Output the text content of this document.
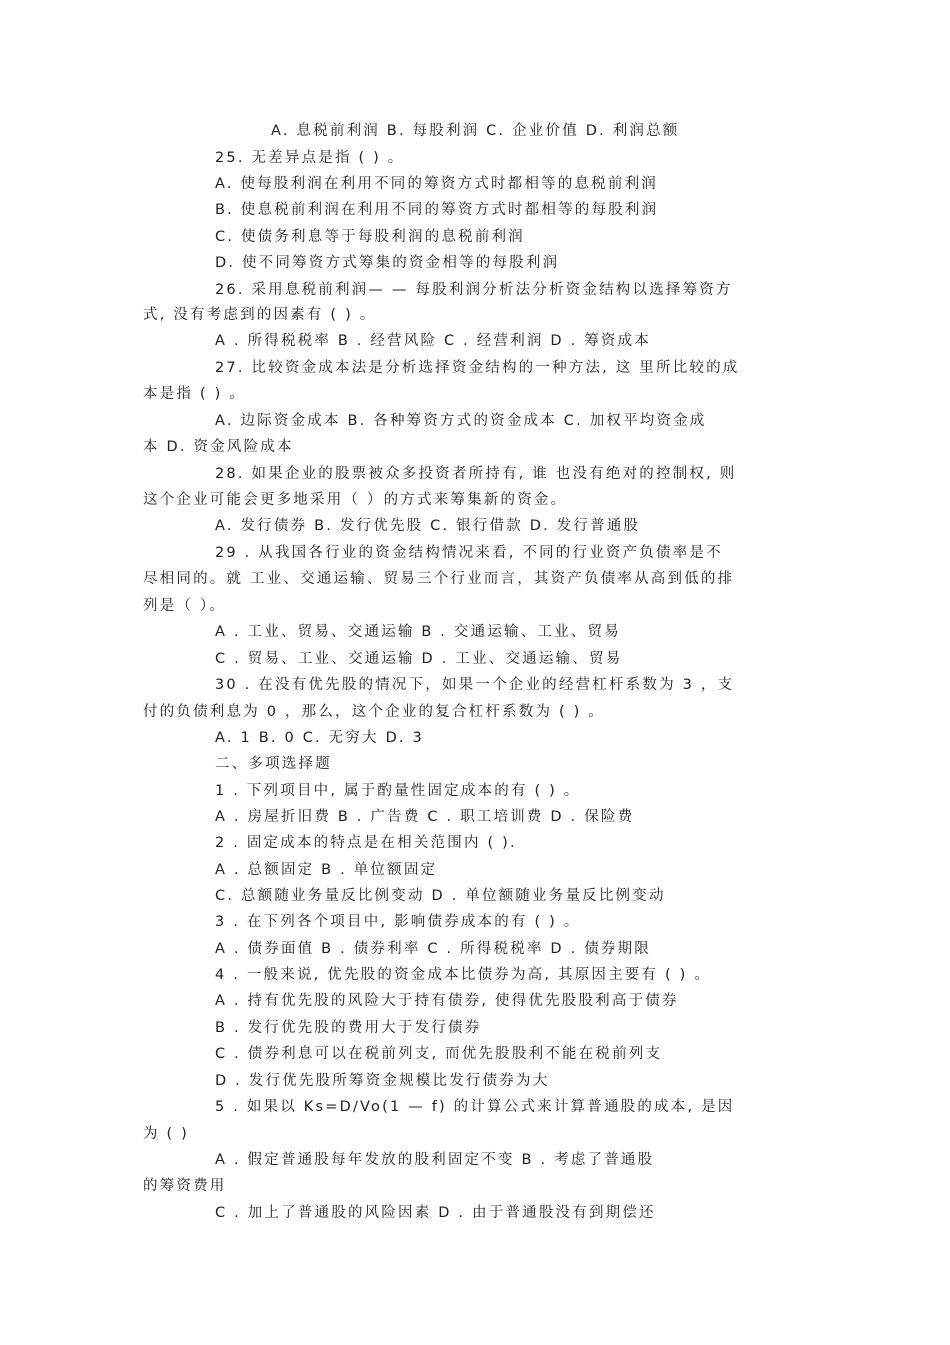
A. 息税前利润 B. 每股利润 C. 企业价值 D. 利润总额
25. 无差异点是指 ( ) 。
A. 使每股利润在利用不同的筹资方式时都相等的息税前利润
B. 使息税前利润在利用不同的筹资方式时都相等的每股利润
C. 使债务利息等于每股利润的息税前利润
D. 使不同筹资方式筹集的资金相等的每股利润
26. 采用息税前利润— — 每股利润分析法分析资金结构以选择筹资方
式, 没有考虑到的因素有 ( ) 。
A . 所得税税率 B . 经营风险 C . 经营利润 D . 筹资成本
27. 比较资金成本法是分析选择资金结构的一种方法, 这 里所比较的成
本是指 ( ) 。
A. 边际资金成本 B. 各种筹资方式的资金成本 C. 加权平均资金成
本 D. 资金风险成本
28. 如果企业的股票被众多投资者所持有, 谁 也没有绝对的控制权, 则
这个企业可能会更多地采用（ ）的方式来筹集新的资金。
A. 发行债券 B. 发行优先股 C. 银行借款 D. 发行普通股
29 . 从我国各行业的资金结构情况来看, 不同的行业资产负债率是不
尽相同的。就 工业、交通运输、贸易三个行业而言，其资产负债率从高到低的排
列是（ ）。
A . 工业、贸易、交通运输 B . 交通运输、工业、贸易
C . 贸易、工业、交通运输 D . 工业、交通运输、贸易
30 . 在没有优先股的情况下，如果一个企业的经营杠杆系数为 3 ，支
付的负债利息为 0 ，那么，这个企业的复合杠杆系数为 ( ) 。
A. 1 B. 0 C. 无穷大 D. 3
二、多项选择题
1 . 下列项目中, 属于酌量性固定成本的有 ( ) 。
A . 房屋折旧费 B . 广告费 C . 职工培训费 D . 保险费
2 . 固定成本的特点是在相关范围内 ( ).
A . 总额固定 B . 单位额固定
C. 总额随业务量反比例变动 D . 单位额随业务量反比例变动
3 . 在下列各个项目中, 影响债券成本的有 ( ) 。
A . 债券面值 B . 债券利率 C . 所得税税率 D . 债券期限
4 . 一般来说, 优先股的资金成本比债券为高, 其原因主要有 ( ) 。
A . 持有优先股的风险大于持有债券, 使得优先股股利高于债券
B . 发行优先股的费用大于发行债券
C . 债券利息可以在税前列支, 而优先股股利不能在税前列支
D . 发行优先股所筹资金规模比发行债券为大
5 . 如果以 Ks=D/Vo(1 — f) 的计算公式来计算普通股的成本, 是因
为 ( )
A . 假定普通股每年发放的股利固定不变 B . 考虑了普通股
的筹资费用
C . 加上了普通股的风险因素 D . 由于普通股没有到期偿还
